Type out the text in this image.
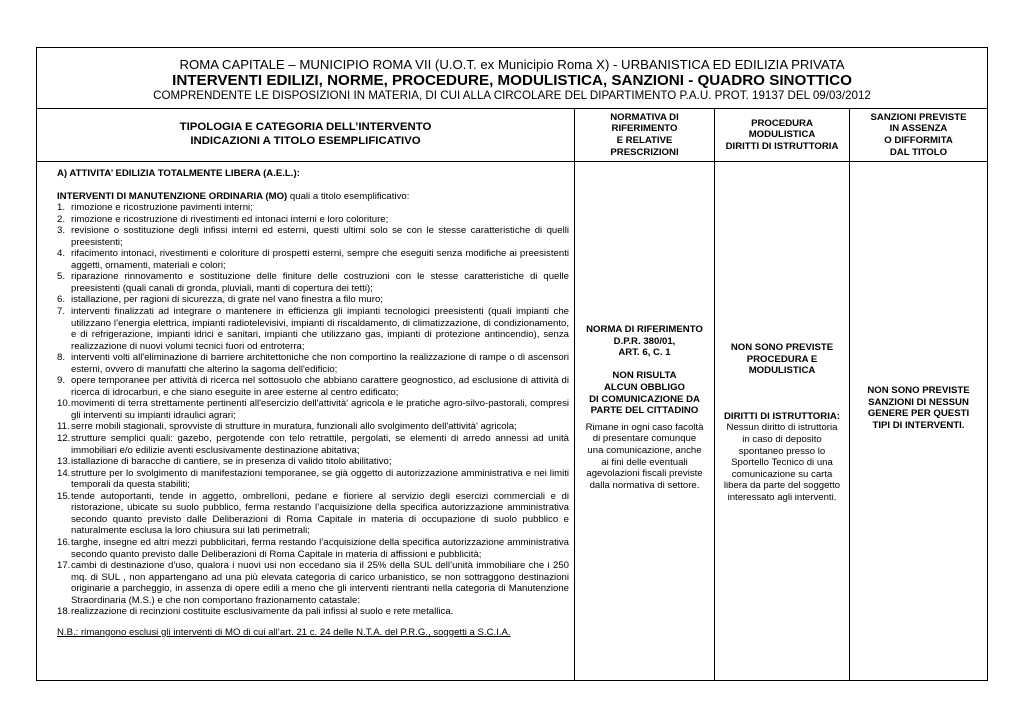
ROMA CAPITALE – MUNICIPIO ROMA VII (U.O.T. ex Municipio Roma X) - URBANISTICA ED EDILIZIA PRIVATA
INTERVENTI EDILIZI, NORME, PROCEDURE, MODULISTICA, SANZIONI - QUADRO SINOTTICO
COMPRENDENTE LE DISPOSIZIONI IN MATERIA, DI CUI ALLA CIRCOLARE DEL DIPARTIMENTO P.A.U. PROT. 19137 DEL 09/03/2012
TIPOLOGIA E CATEGORIA DELL’INTERVENTO
INDICAZIONI A TITOLO ESEMPLIFICATIVO
NORMATIVA DI
RIFERIMENTO
E RELATIVE
PRESCRIZIONI
PROCEDURA
MODULISTICA
DIRITTI DI ISTRUTTORIA
SANZIONI PREVISTE
IN ASSENZA
O DIFFORMITA
DAL TITOLO
A) ATTIVITA’ EDILIZIA TOTALMENTE LIBERA (A.E.L.):
INTERVENTI DI MANUTENZIONE ORDINARIA (MO) quali a titolo esemplificativo:
1. rimozione e ricostruzione pavimenti interni;
2. rimozione e ricostruzione di rivestimenti ed intonaci interni e loro coloriture;
3. revisione o sostituzione degli infissi interni ed esterni, questi ultimi solo se con le stesse caratteristiche di quelli preesistenti;
4. rifacimento intonaci, rivestimenti e coloriture di prospetti esterni, sempre che eseguiti senza modifiche ai preesistenti aggetti, ornamenti, materiali e colori;
5. riparazione rinnovamento e sostituzione delle finiture delle costruzioni con le stesse caratteristiche di quelle preesistenti (quali canali di gronda, pluviali, manti di copertura dei tetti);
6. istallazione, per ragioni di sicurezza, di grate nel vano finestra a filo muro;
7. interventi finalizzati ad integrare o mantenere in efficienza gli impianti tecnologici preesistenti (quali impianti che utilizzano l’energia elettrica, impianti radiotelevisivi, impianti di riscaldamento, di climatizzazione, di condizionamento, e di refrigerazione, impianti idrici e sanitari, impianti che utilizzano gas, impianti di protezione antincendio), senza realizzazione di nuovi volumi tecnici fuori od entroterra;
8. interventi volti all'eliminazione di barriere architettoniche che non comportino la realizzazione di rampe o di ascensori esterni, ovvero di manufatti che alterino la sagoma dell'edificio;
9. opere temporanee per attività di ricerca nel sottosuolo che abbiano carattere geognostico, ad esclusione di attività di ricerca di idrocarburi, e che siano eseguite in aree esterne al centro edificato;
10. movimenti di terra strettamente pertinenti all'esercizio dell'attività' agricola e le pratiche agro-silvo-pastorali, compresi gli interventi su impianti idraulici agrari;
11. serre mobili stagionali, sprovviste di strutture in muratura, funzionali allo svolgimento dell'attività' agricola;
12. strutture semplici quali: gazebo, pergotende con telo retrattile, pergolati, se elementi di arredo annessi ad unità immobiliari e/o edilizie aventi esclusivamente destinazione abitativa;
13. istallazione di baracche di cantiere, se in presenza di valido titolo abilitativo;
14. strutture per lo svolgimento di manifestazioni temporanee, se già oggetto di autorizzazione amministrativa e nei limiti temporali da questa stabiliti;
15. tende autoportanti, tende in aggetto, ombrelloni, pedane e fioriere al servizio degli esercizi commerciali e di ristorazione, ubicate su suolo pubblico, ferma restando l’acquisizione della specifica autorizzazione amministrativa secondo quanto previsto dalle Deliberazioni di Roma Capitale in materia di occupazione di suolo pubblico e naturalmente esclusa la loro chiusura sui lati perimetrali;
16. targhe, insegne ed altri mezzi pubblicitari, ferma restando l’acquisizione della specifica autorizzazione amministrativa secondo quanto previsto dalle Deliberazioni di Roma Capitale in materia di affissioni e pubblicità;
17. cambi di destinazione d’uso, qualora i nuovi usi non eccedano sia il 25% della SUL dell’unità immobiliare che i 250 mq. di SUL , non appartengano ad una più elevata categoria di carico urbanistico, se non sottraggono destinazioni originarie a parcheggio, in assenza di opere edili a meno che gli interventi rientranti nella categoria di Manutenzione Straordinaria (M.S.) e che non comportano frazionamento catastale:
18. realizzazione di recinzioni costituite esclusivamente da pali infissi al suolo e rete metallica.
N.B.: rimangono esclusi gli interventi di MO di cui all’art. 21 c. 24 delle N.T.A. del P.R.G., soggetti a S.C.I.A.
NORMA DI RIFERIMENTO
D.P.R. 380/01,
ART. 6, C. 1
NON RISULTA
ALCUN OBBLIGO
DI COMUNICAZIONE DA
PARTE DEL CITTADINO
Rimane in ogni caso facoltà
di presentare comunque
una comunicazione, anche
ai fini delle eventuali
agevolazioni fiscali previste
dalla normativa di settore.
NON SONO PREVISTE
PROCEDURA E
MODULISTICA
DIRITTI DI ISTRUTTORIA:
Nessun diritto di istruttoria
in caso di deposito
spontaneo presso lo
Sportello Tecnico di una
comunicazione su carta
libera da parte del soggetto
interessato agli interventi.
NON SONO PREVISTE
SANZIONI DI NESSUN
GENERE PER QUESTI
TIPI DI INTERVENTI.
